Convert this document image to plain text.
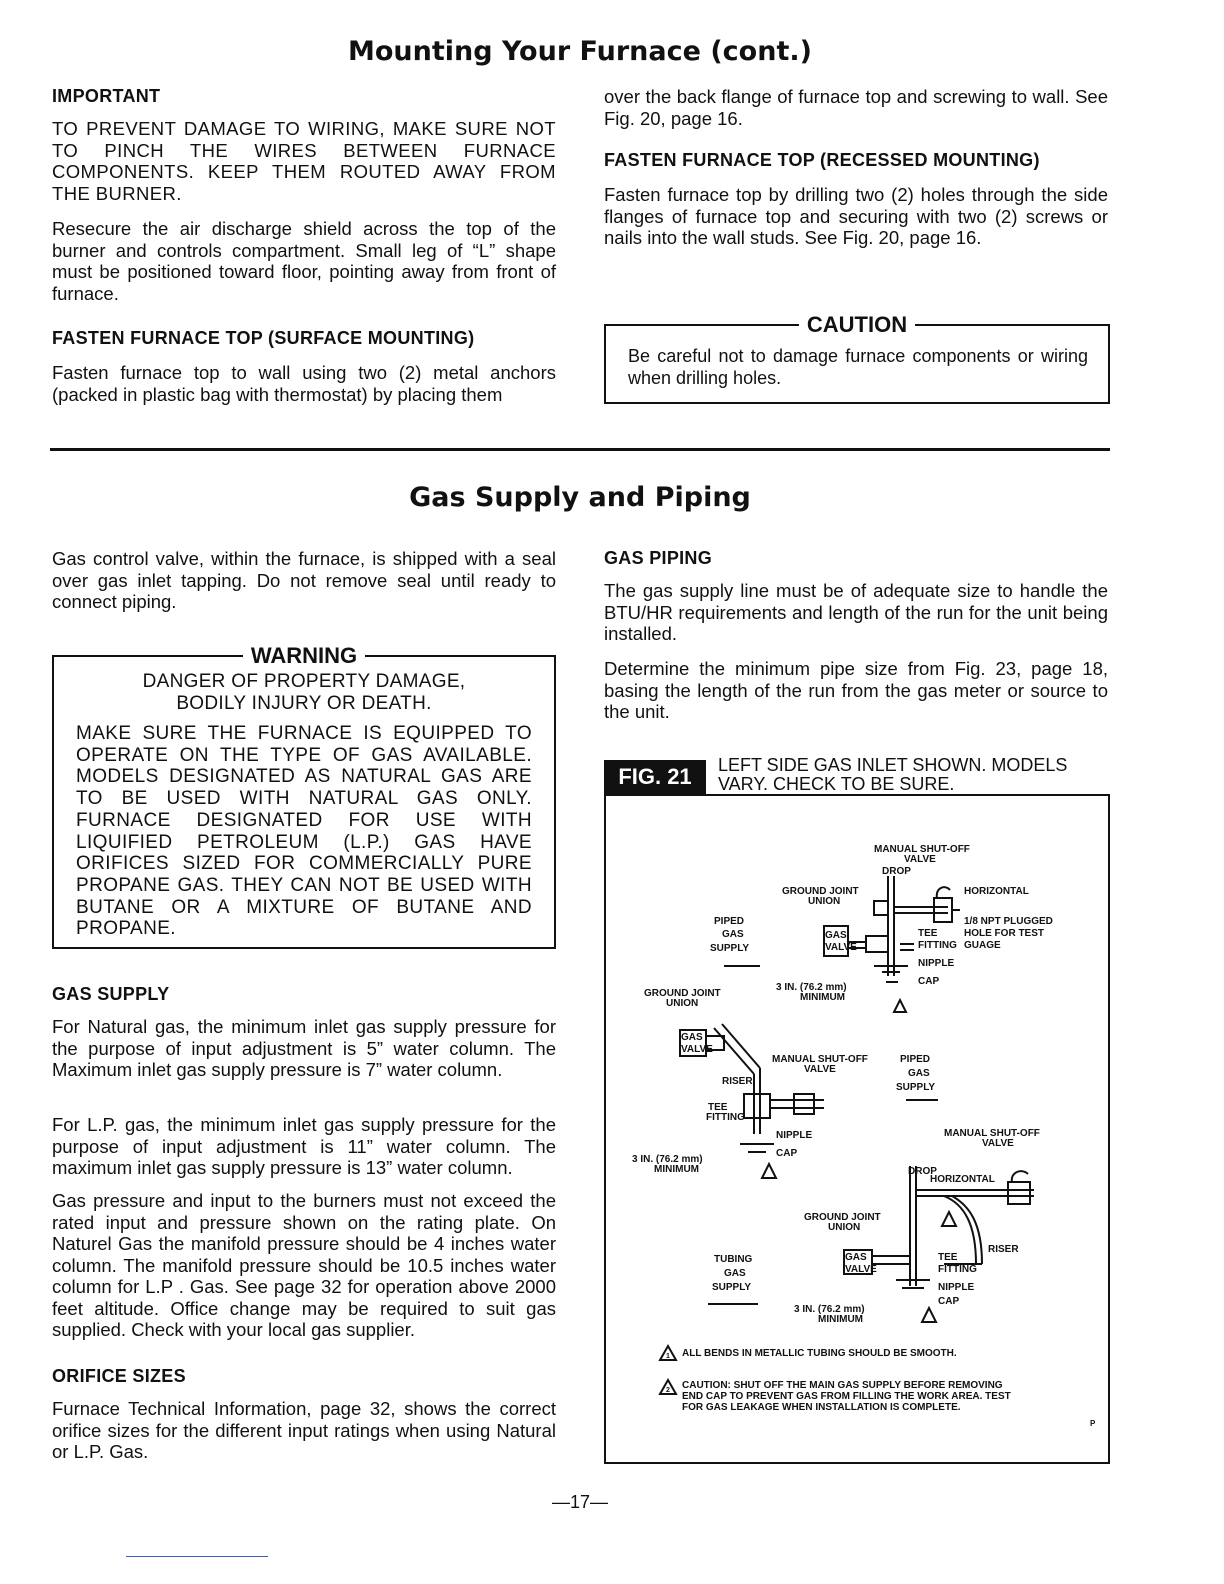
Mounting Your Furnace (cont.)
IMPORTANT

TO PREVENT DAMAGE TO WIRING, MAKE SURE NOT TO PINCH THE WIRES BETWEEN FURNACE COMPONENTS. KEEP THEM ROUTED AWAY FROM THE BURNER.

Resecure the air discharge shield across the top of the burner and controls compartment. Small leg of “L” shape must be positioned toward floor, pointing away from front of furnace.

FASTEN FURNACE TOP (SURFACE MOUNTING)

Fasten furnace top to wall using two (2) metal anchors (packed in plastic bag with thermostat) by placing them

over the back flange of furnace top and screwing to wall. See Fig. 20, page 16.

FASTEN FURNACE TOP (RECESSED MOUNTING)

Fasten furnace top by drilling two (2) holes through the side flanges of furnace top and securing with two (2) screws or nails into the wall studs. See Fig. 20, page 16.

CAUTION

Be careful not to damage furnace components or wiring when drilling holes.

Gas Supply and Piping

Gas control valve, within the furnace, is shipped with a seal over gas inlet tapping. Do not remove seal until ready to connect piping.

WARNING
DANGER OF PROPERTY DAMAGE,
BODILY INJURY OR DEATH.

MAKE SURE THE FURNACE IS EQUIPPED TO OPERATE ON THE TYPE OF GAS AVAILABLE. MODELS DESIGNATED AS NATURAL GAS ARE TO BE USED WITH NATURAL GAS ONLY. FURNACE DESIGNATED FOR USE WITH LIQUIFIED PETROLEUM (L.P.) GAS HAVE ORIFICES SIZED FOR COMMERCIALLY PURE PROPANE GAS. THEY CAN NOT BE USED WITH BUTANE OR A MIXTURE OF BUTANE AND PROPANE.

GAS SUPPLY

For Natural gas, the minimum inlet gas supply pressure for the purpose of input adjustment is 5” water column. The Maximum inlet gas supply pressure is 7” water column.

For L.P. gas, the minimum inlet gas supply pressure for the purpose of input adjustment is 11” water column. The maximum inlet gas supply pressure is 13” water column.

Gas pressure and input to the burners must not exceed the rated input and pressure shown on the rating plate. On Naturel Gas the manifold pressure should be 4 inches water column. The manifold pressure should be 10.5 inches water column for L.P . Gas. See page 32 for operation above 2000 feet altitude. Office change may be required to suit gas supplied. Check with your local gas supplier.

ORIFICE SIZES

Furnace Technical Information, page 32, shows the correct orifice sizes for the different input ratings when using Natural or L.P. Gas.

GAS PIPING

The gas supply line must be of adequate size to handle the BTU/HR requirements and length of the run for the unit being installed.

Determine the minimum pipe size from Fig. 23, page 18, basing the length of the run from the gas meter or source to the unit.

FIG. 21	LEFT SIDE GAS INLET SHOWN. MODELS
VARY. CHECK TO BE SURE.
MANUAL SHUT-OFF
VALVE
DROP
GROUND JOINT
UNION
HORIZONTAL
PIPED
GAS
SUPPLY
GAS
VALVE
1/8 NPT PLUGGED
HOLE FOR TEST
GUAGE
TEE
FITTING
NIPPLE
CAP
3 IN. (76.2 mm)
MINIMUM
GROUND JOINT
UNION
GAS
VALVE
MANUAL SHUT-OFF
VALVE
PIPED
GAS
SUPPLY
RISER
TEE
FITTING
NIPPLE
CAP
3 IN. (76.2 mm)
MINIMUM
MANUAL SHUT-OFF
VALVE
DROP
HORIZONTAL
GROUND JOINT
UNION
RISER
GAS
VALVE
TUBING
GAS
SUPPLY
TEE
FITTING
NIPPLE
CAP
3 IN. (76.2 mm)
MINIMUM
1
2
ALL BENDS IN METALLIC TUBING SHOULD BE SMOOTH.
CAUTION: SHUT OFF THE MAIN GAS SUPPLY BEFORE REMOVING
END CAP TO PREVENT GAS FROM FILLING THE WORK AREA. TEST
FOR GAS LEAKAGE WHEN INSTALLATION IS COMPLETE.
P
—17—
